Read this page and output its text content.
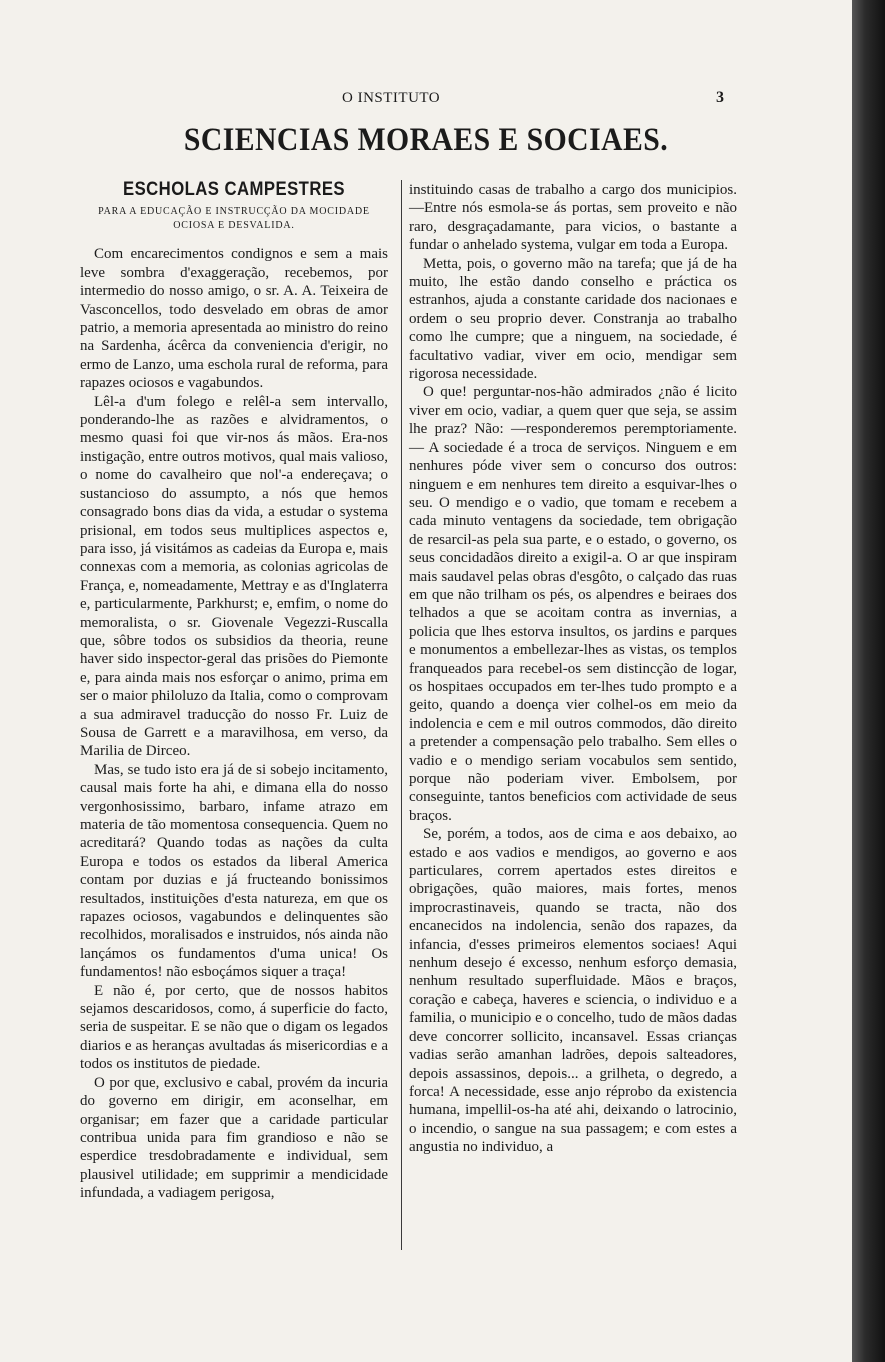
O INSTITUTO	3
SCIENCIAS MORAES E SOCIAES.
ESCHOLAS CAMPESTRES
PARA A EDUCAÇÃO E INSTRUCÇÃO DA MOCIDADE OCIOSA E DESVALIDA.

Com encarecimentos condignos e sem a mais leve sombra d'exaggeração, recebemos, por intermedio do nosso amigo, o sr. A. A. Teixeira de Vasconcellos, todo desvelado em obras de amor patrio, a memoria apresentada ao ministro do reino na Sardenha, ácêrca da conveniencia d'erigir, no ermo de Lanzo, uma eschola rural de reforma, para rapazes ociosos e vagabundos.

Lêl-a d'um folego e relêl-a sem intervallo, ponderando-lhe as razões e alvidramentos, o mesmo quasi foi que vir-nos ás mãos. Era-nos instigação, entre outros motivos, qual mais valioso, o nome do cavalheiro que nol'-a endereçava; o sustancioso do assumpto, a nós que hemos consagrado bons dias da vida, a estudar o systema prisional, em todos seus multiplices aspectos e, para isso, já visitámos as cadeias da Europa e, mais connexas com a memoria, as colonias agricolas de França, e, nomeadamente, Mettray e as d'Inglaterra e, particularmente, Parkhurst; e, emfim, o nome do memoralista, o sr. Giovenale Vegezzi-Ruscalla que, sôbre todos os subsidios da theoria, reune haver sido inspector-geral das prisões do Piemonte e, para ainda mais nos esforçar o animo, prima em ser o maior philoluzo da Italia, como o comprovam a sua admiravel traducção do nosso Fr. Luiz de Sousa de Garrett e a maravilhosa, em verso, da Marilia de Dirceo.

Mas, se tudo isto era já de si sobejo incitamento, causal mais forte ha ahi, e dimana ella do nosso vergonhosissimo, barbaro, infame atrazo em materia de tão momentosa consequencia. Quem no acreditará? Quando todas as nações da culta Europa e todos os estados da liberal America contam por duzias e já fructeando bonissimos resultados, instituições d'esta natureza, em que os rapazes ociosos, vagabundos e delinquentes são recolhidos, moralisados e instruidos, nós ainda não lançámos os fundamentos d'uma unica! Os fundamentos! não esboçámos siquer a traça!

E não é, por certo, que de nossos habitos sejamos descaridosos, como, á superficie do facto, seria de suspeitar. E se não que o digam os legados diarios e as heranças avultadas ás misericordias e a todos os institutos de piedade.

O por que, exclusivo e cabal, provém da incuria do governo em dirigir, em aconselhar, em organisar; em fazer que a caridade particular contribua unida para fim grandioso e não se esperdice tresdobradamente e individual, sem plausivel utilidade; em supprimir a mendicidade infundada, a vadiagem perigosa,

instituindo casas de trabalho a cargo dos municipios.—Entre nós esmola-se ás portas, sem proveito e não raro, desgraçadamante, para vicios, o bastante a fundar o anhelado systema, vulgar em toda a Europa.

Metta, pois, o governo mão na tarefa; que já de ha muito, lhe estão dando conselho e práctica os estranhos, ajuda a constante caridade dos nacionaes e ordem o seu proprio dever. Constranja ao trabalho como lhe cumpre; que a ninguem, na sociedade, é facultativo vadiar, viver em ocio, mendigar sem rigorosa necessidade.

O que! perguntar-nos-hão admirados ¿não é licito viver em ocio, vadiar, a quem quer que seja, se assim lhe praz? Não: —responderemos peremptoriamente. — A sociedade é a troca de serviços. Ninguem e em nenhures póde viver sem o concurso dos outros: ninguem e em nenhures tem direito a esquivar-lhes o seu. O mendigo e o vadio, que tomam e recebem a cada minuto ventagens da sociedade, tem obrigação de resarcil-as pela sua parte, e o estado, o governo, os seus concidadãos direito a exigil-a. O ar que inspiram mais saudavel pelas obras d'esgôto, o calçado das ruas em que não trilham os pés, os alpendres e beiraes dos telhados a que se acoitam contra as invernias, a policia que lhes estorva insultos, os jardins e parques e monumentos a embellezar-lhes as vistas, os templos franqueados para recebel-os sem distincção de logar, os hospitaes occupados em ter-lhes tudo prompto e a geito, quando a doença vier colhel-os em meio da indolencia e cem e mil outros commodos, dão direito a pretender a compensação pelo trabalho. Sem elles o vadio e o mendigo seriam vocabulos sem sentido, porque não poderiam viver. Embolsem, por conseguinte, tantos beneficios com actividade de seus braços.

Se, porém, a todos, aos de cima e aos debaixo, ao estado e aos vadios e mendigos, ao governo e aos particulares, correm apertados estes direitos e obrigações, quão maiores, mais fortes, menos improcrastinaveis, quando se tracta, não dos encanecidos na indolencia, senão dos rapazes, da infancia, d'esses primeiros elementos sociaes! Aqui nenhum desejo é excesso, nenhum esforço demasia, nenhum resultado superfluidade. Mãos e braços, coração e cabeça, haveres e sciencia, o individuo e a familia, o municipio e o concelho, tudo de mãos dadas deve concorrer sollicito, incansavel. Essas crianças vadias serão amanhan ladrões, depois salteadores, depois assassinos, depois... a grilheta, o degredo, a forca! A necessidade, esse anjo réprobo da existencia humana, impellil-os-ha até ahi, deixando o latrocinio, o incendio, o sangue na sua passagem; e com estes a angustia no individuo, a
